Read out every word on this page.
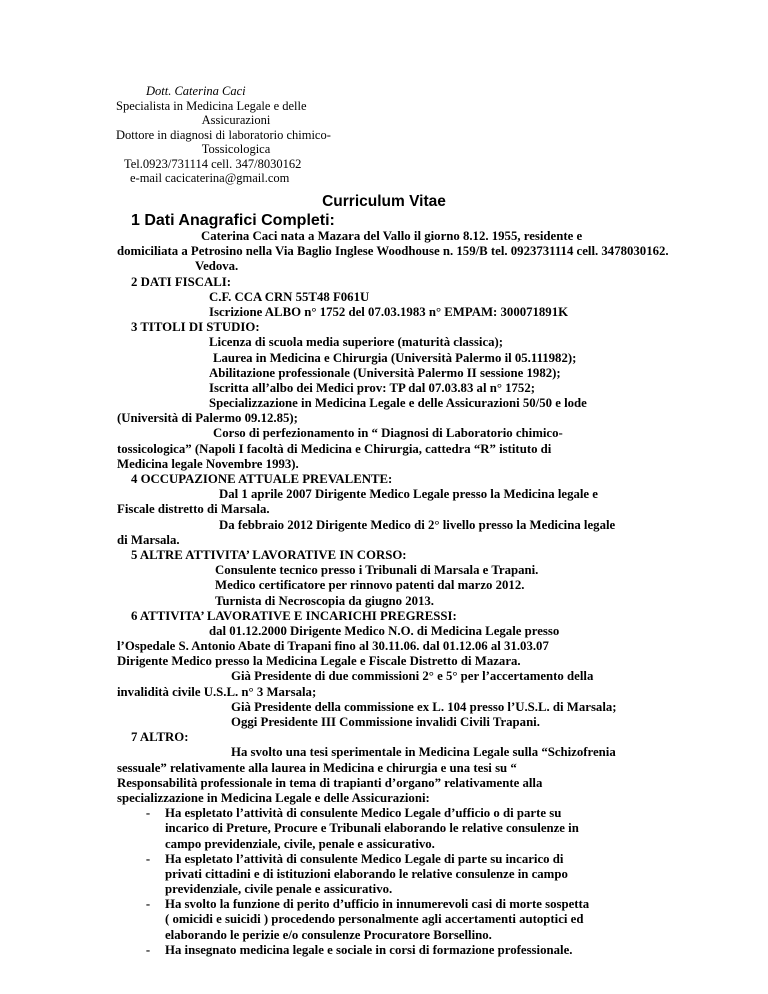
Dott. Caterina Caci
Specialista in Medicina Legale e delle
Assicurazioni
Dottore in diagnosi di laboratorio chimico-
Tossicologica
Tel.0923/731114 cell. 347/8030162
e-mail cacicaterina@gmail.com
Curriculum Vitae
1 Dati Anagrafici Completi:
Caterina Caci nata a Mazara del Vallo il giorno 8.12. 1955, residente e
domiciliata a Petrosino nella Via Baglio Inglese Woodhouse n. 159/B tel. 0923731114 cell. 3478030162.
Vedova.
2 DATI FISCALI:
C.F. CCA CRN 55T48 F061U
Iscrizione ALBO n° 1752 del 07.03.1983 n° EMPAM: 300071891K
3 TITOLI DI STUDIO:
Licenza di scuola media superiore (maturità classica);
Laurea in Medicina e Chirurgia (Università Palermo il 05.111982);
Abilitazione professionale (Università Palermo II sessione 1982);
Iscritta all’albo dei Medici prov: TP dal 07.03.83 al n° 1752;
Specializzazione in Medicina Legale e delle Assicurazioni 50/50 e lode
(Università di Palermo 09.12.85);
Corso di perfezionamento in “ Diagnosi di Laboratorio chimico-
tossicologica” (Napoli I facoltà di Medicina e Chirurgia, cattedra “R” istituto di
Medicina legale Novembre 1993).
4 OCCUPAZIONE ATTUALE PREVALENTE:
Dal 1 aprile 2007 Dirigente Medico Legale presso la Medicina legale e
Fiscale distretto di Marsala.
Da febbraio 2012 Dirigente Medico di 2° livello presso la Medicina legale
di Marsala.
5 ALTRE ATTIVITA’ LAVORATIVE IN CORSO:
Consulente tecnico presso i Tribunali di Marsala e Trapani.
Medico certificatore per rinnovo patenti dal marzo 2012.
Turnista di Necroscopia da giugno 2013.
6 ATTIVITA’ LAVORATIVE E INCARICHI PREGRESSI:
dal 01.12.2000 Dirigente Medico N.O. di Medicina Legale presso
l’Ospedale S. Antonio Abate di Trapani fino al 30.11.06. dal 01.12.06 al 31.03.07
Dirigente Medico presso la Medicina Legale e Fiscale Distretto di Mazara.
Già Presidente di due commissioni 2° e 5° per l’accertamento della
invalidità civile U.S.L. n° 3 Marsala;
Già Presidente della commissione ex L. 104 presso l’U.S.L. di Marsala;
Oggi Presidente III Commissione invalidi Civili Trapani.
7 ALTRO:
Ha svolto una tesi sperimentale in Medicina Legale sulla “Schizofrenia
sessuale” relativamente alla laurea in Medicina e chirurgia e una tesi su “
Responsabilità professionale in tema di trapianti d’organo” relativamente alla
specializzazione in Medicina Legale e delle Assicurazioni:
- Ha espletato l’attività di consulente Medico Legale d’ufficio o di parte su
incarico di Preture, Procure e Tribunali elaborando le relative consulenze in
campo previdenziale, civile, penale e assicurativo.
- Ha espletato l’attività di consulente Medico Legale di parte su incarico di
privati cittadini e di istituzioni elaborando le relative consulenze in campo
previdenziale, civile penale e assicurativo.
- Ha svolto la funzione di perito d’ufficio in innumerevoli casi di morte sospetta
( omicidi e suicidi ) procedendo personalmente agli accertamenti autoptici ed
elaborando le perizie e/o consulenze Procuratore Borsellino.
- Ha insegnato medicina legale e sociale in corsi di formazione professionale.
